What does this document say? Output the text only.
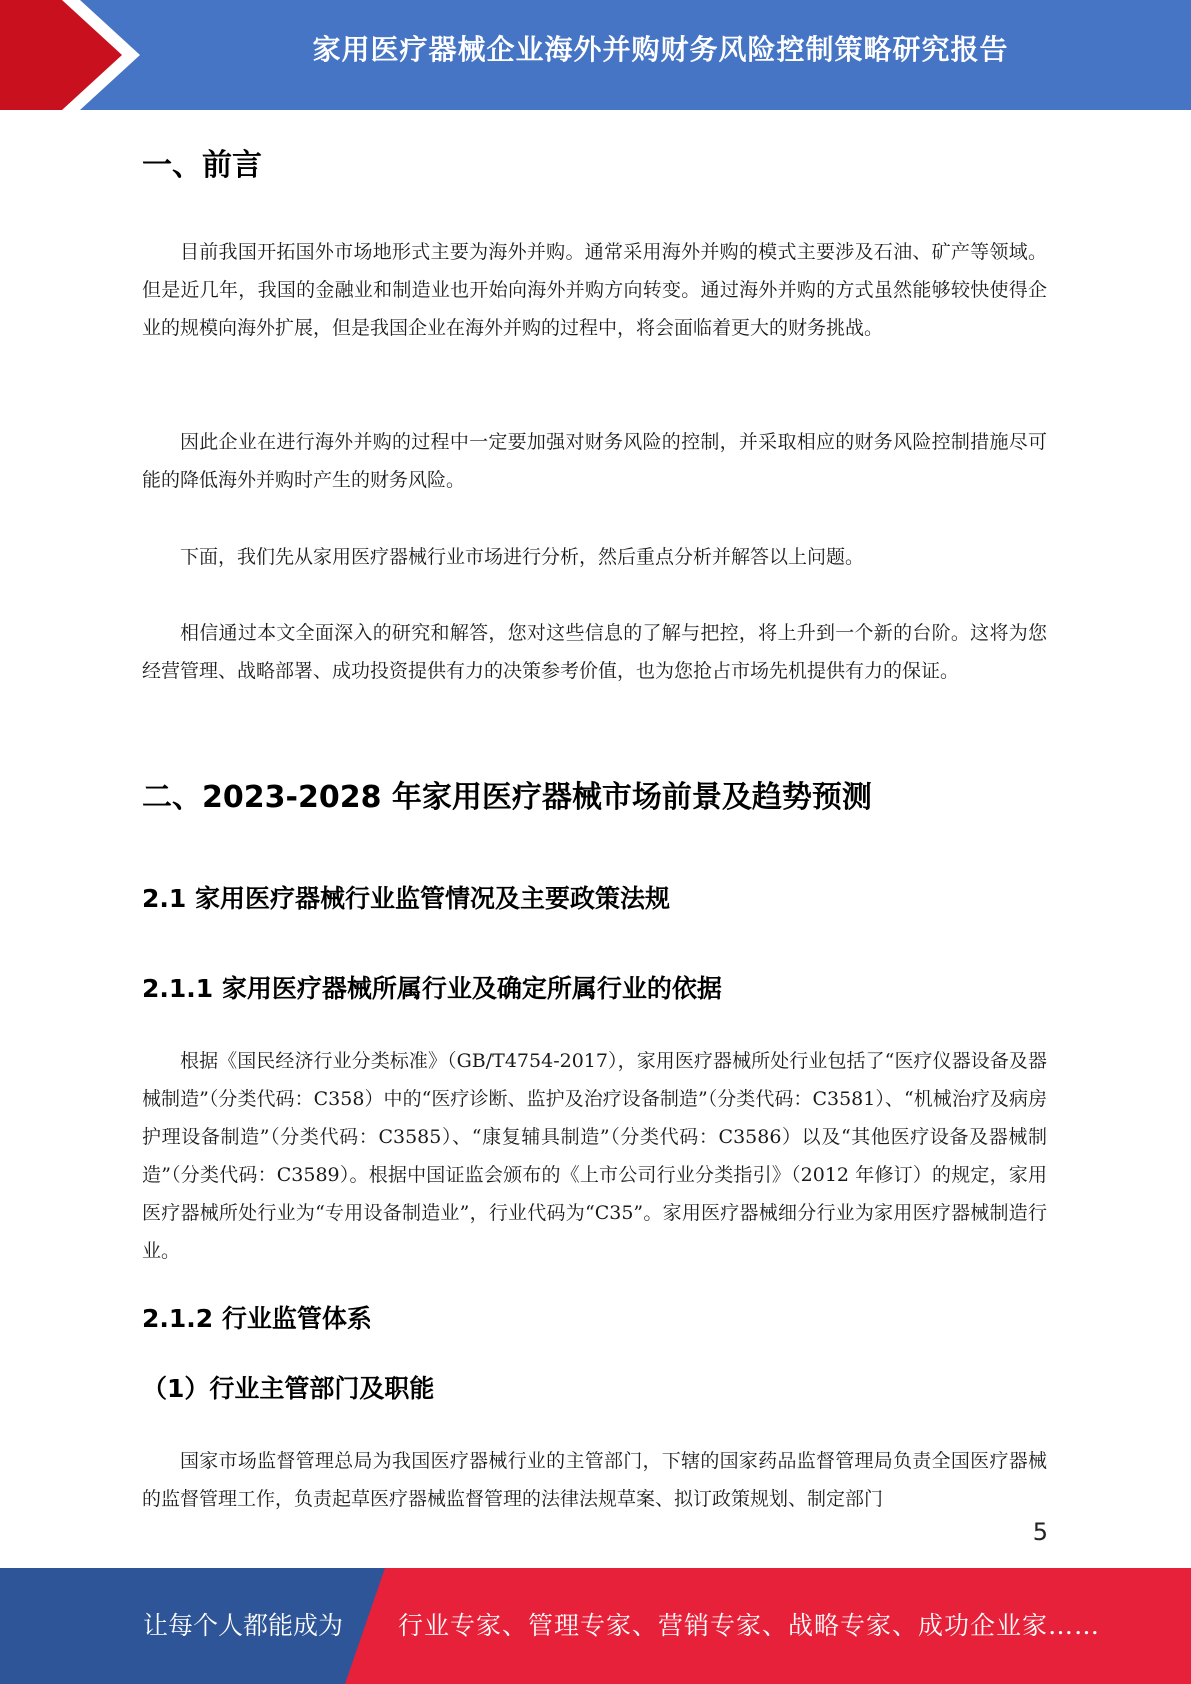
家用医疗器械企业海外并购财务风险控制策略研究报告
一、前言

目前我国开拓国外市场地形式主要为海外并购。通常采用海外并购的模式主要涉及石油、矿产等领域。但是近几年，我国的金融业和制造业也开始向海外并购方向转变。通过海外并购的方式虽然能够较快使得企业的规模向海外扩展，但是我国企业在海外并购的过程中，将会面临着更大的财务挑战。

因此企业在进行海外并购的过程中一定要加强对财务风险的控制，并采取相应的财务风险控制措施尽可能的降低海外并购时产生的财务风险。

下面，我们先从家用医疗器械行业市场进行分析，然后重点分析并解答以上问题。

相信通过本文全面深入的研究和解答，您对这些信息的了解与把控，将上升到一个新的台阶。这将为您经营管理、战略部署、成功投资提供有力的决策参考价值，也为您抢占市场先机提供有力的保证。

二、2023-2028 年家用医疗器械市场前景及趋势预测
2.1 家用医疗器械行业监管情况及主要政策法规
2.1.1 家用医疗器械所属行业及确定所属行业的依据

根据《国民经济行业分类标准》（GB/T4754-2017），家用医疗器械所处行业包括了“医疗仪器设备及器械制造”（分类代码：C358）中的“医疗诊断、监护及治疗设备制造”（分类代码：C3581）、“机械治疗及病房护理设备制造”（分类代码：C3585）、“康复辅具制造”（分类代码：C3586）以及“其他医疗设备及器械制造”（分类代码：C3589）。根据中国证监会颁布的《上市公司行业分类指引》（2012 年修订）的规定，家用医疗器械所处行业为“专用设备制造业”，行业代码为“C35”。家用医疗器械细分行业为家用医疗器械制造行业。

2.1.2 行业监管体系
（1）行业主管部门及职能

国家市场监督管理总局为我国医疗器械行业的主管部门，下辖的国家药品监督管理局负责全国医疗器械的监督管理工作，负责起草医疗器械监督管理的法律法规草案、拟订政策规划、制定部门

5
让每个人都能成为 行业专家、管理专家、营销专家、战略专家、成功企业家……
